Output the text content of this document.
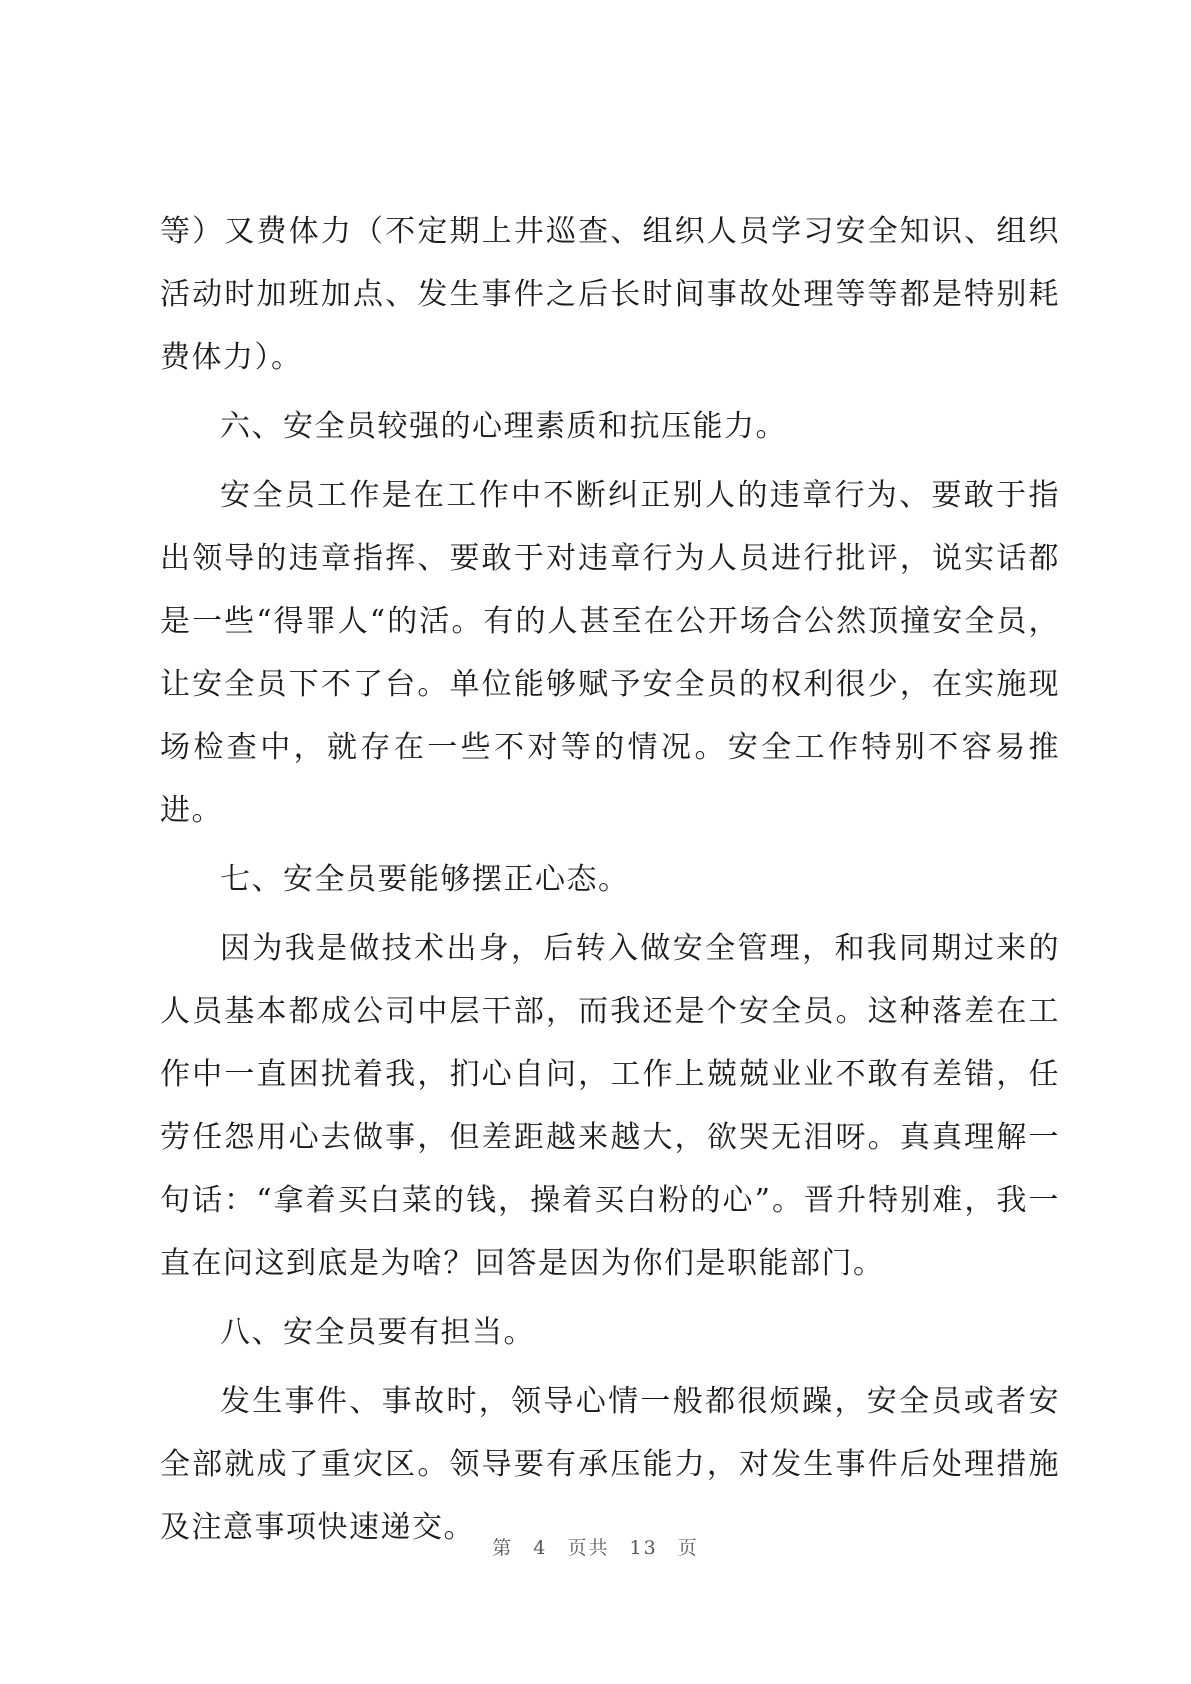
等）又费体力（不定期上井巡查、组织人员学习安全知识、组织活动时加班加点、发生事件之后长时间事故处理等等都是特别耗费体力）。

六、安全员较强的心理素质和抗压能力。

安全员工作是在工作中不断纠正别人的违章行为、要敢于指出领导的违章指挥、要敢于对违章行为人员进行批评，说实话都是一些“得罪人“的活。有的人甚至在公开场合公然顶撞安全员，让安全员下不了台。单位能够赋予安全员的权利很少，在实施现场检查中，就存在一些不对等的情况。安全工作特别不容易推进。

七、安全员要能够摆正心态。

因为我是做技术出身，后转入做安全管理，和我同期过来的人员基本都成公司中层干部，而我还是个安全员。这种落差在工作中一直困扰着我，扪心自问，工作上兢兢业业不敢有差错，任劳任怨用心去做事，但差距越来越大，欲哭无泪呀。真真理解一句话：“拿着买白菜的钱，操着买白粉的心”。晋升特别难，我一直在问这到底是为啥？回答是因为你们是职能部门。

八、安全员要有担当。

发生事件、事故时，领导心情一般都很烦躁，安全员或者安全部就成了重灾区。领导要有承压能力，对发生事件后处理措施及注意事项快速递交。

第 4 页共 13 页
